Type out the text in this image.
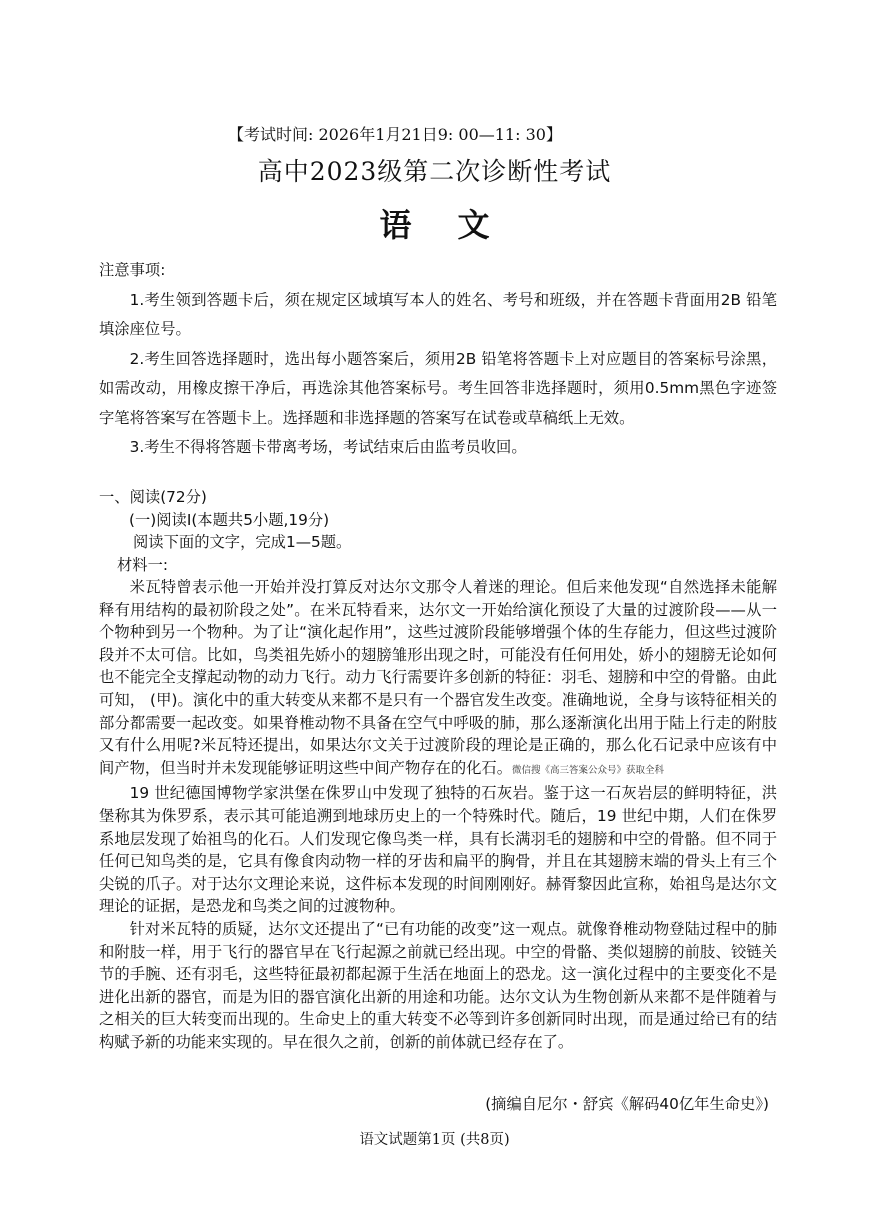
【考试时间: 2026年1月21日9: 00—11: 30】
高中2023级第二次诊断性考试
语文

注意事项:

1.考生领到答题卡后，须在规定区域填写本人的姓名、考号和班级，并在答题卡背面用2B 铅笔填涂座位号。

2.考生回答选择题时，选出每小题答案后，须用2B 铅笔将答题卡上对应题目的答案标号涂黑，如需改动，用橡皮擦干净后，再选涂其他答案标号。考生回答非选择题时，须用0.5mm黑色字迹签字笔将答案写在答题卡上。选择题和非选择题的答案写在试卷或草稿纸上无效。

3.考生不得将答题卡带离考场，考试结束后由监考员收回。

一、阅读(72分)

(一)阅读Ⅰ(本题共5小题,19分)

阅读下面的文字，完成1—5题。

材料一:

米瓦特曾表示他一开始并没打算反对达尔文那令人着迷的理论。但后来他发现“自然选择未能解释有用结构的最初阶段之处”。在米瓦特看来，达尔文一开始给演化预设了大量的过渡阶段——从一个物种到另一个物种。为了让“演化起作用”，这些过渡阶段能够增强个体的生存能力，但这些过渡阶段并不太可信。比如，鸟类祖先娇小的翅膀雏形出现之时，可能没有任何用处，娇小的翅膀无论如何也不能完全支撑起动物的动力飞行。动力飞行需要许多创新的特征：羽毛、翅膀和中空的骨骼。由此可知， (甲)。演化中的重大转变从来都不是只有一个器官发生改变。准确地说，全身与该特征相关的部分都需要一起改变。如果脊椎动物不具备在空气中呼吸的肺，那么逐渐演化出用于陆上行走的附肢又有什么用呢?米瓦特还提出，如果达尔文关于过渡阶段的理论是正确的，那么化石记录中应该有中间产物，但当时并未发现能够证明这些中间产物存在的化石。微信搜《高三答案公众号》获取全科

19 世纪德国博物学家洪堡在侏罗山中发现了独特的石灰岩。鉴于这一石灰岩层的鲜明特征，洪堡称其为侏罗系，表示其可能追溯到地球历史上的一个特殊时代。随后，19 世纪中期，人们在侏罗系地层发现了始祖鸟的化石。人们发现它像鸟类一样，具有长满羽毛的翅膀和中空的骨骼。但不同于任何已知鸟类的是，它具有像食肉动物一样的牙齿和扁平的胸骨，并且在其翅膀末端的骨头上有三个尖锐的爪子。对于达尔文理论来说，这件标本发现的时间刚刚好。赫胥黎因此宣称，始祖鸟是达尔文理论的证据，是恐龙和鸟类之间的过渡物种。

针对米瓦特的质疑，达尔文还提出了“已有功能的改变”这一观点。就像脊椎动物登陆过程中的肺和附肢一样，用于飞行的器官早在飞行起源之前就已经出现。中空的骨骼、类似翅膀的前肢、铰链关节的手腕、还有羽毛，这些特征最初都起源于生活在地面上的恐龙。这一演化过程中的主要变化不是进化出新的器官，而是为旧的器官演化出新的用途和功能。达尔文认为生物创新从来都不是伴随着与之相关的巨大转变而出现的。生命史上的重大转变不必等到许多创新同时出现，而是通过给已有的结构赋予新的功能来实现的。早在很久之前，创新的前体就已经存在了。

(摘编自尼尔・舒宾《解码40亿年生命史》)
语文试题第1页 (共8页)
